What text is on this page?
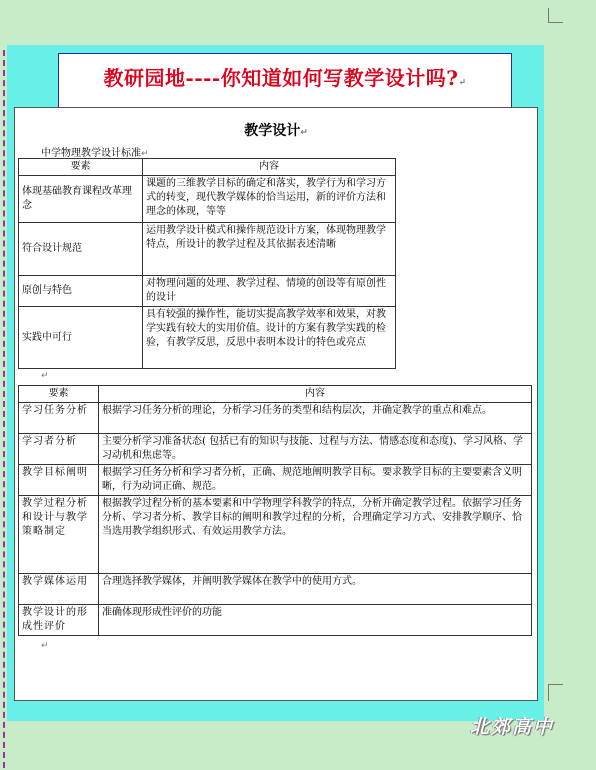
教研园地----你知道如何写教学设计吗?↵
教学设计↵
中学物理教学设计标准↵
要素	内容
体现基础教育课程改革理念	课题的三维教学目标的确定和落实，教学行为和学习方式的转变，现代教学媒体的恰当运用，新的评价方法和理念的体现，等等
符合设计规范	运用教学设计模式和操作规范设计方案，体现物理教学特点，所设计的教学过程及其依据表述清晰
原创与特色	对物理问题的处理、教学过程、情境的创设等有原创性的设计
实践中可行	具有较强的操作性，能切实提高教学效率和效果，对教学实践有较大的实用价值。设计的方案有教学实践的检验，有教学反思，反思中表明本设计的特色或亮点
要素	内容
学习任务分析	根据学习任务分析的理论，分析学习任务的类型和结构层次，并确定教学的重点和难点。
学习者分析	主要分析学习准备状态( 包括已有的知识与技能、过程与方法、情感态度和态度)、学习风格、学习动机和焦虑等。
教学目标阐明	根据学习任务分析和学习者分析，正确、规范地阐明教学目标。要求教学目标的主要要素含义明晰，行为动词正确、规范。
教学过程分析和设计与教学策略制定	根据教学过程分析的基本要素和中学物理学科教学的特点，分析并确定教学过程。依据学习任务分析、学习者分析、教学目标的阐明和教学过程的分析，合理确定学习方式、安排教学顺序、恰当选用教学组织形式、有效运用教学方法。
教学媒体运用	合理选择教学媒体，并阐明教学媒体在教学中的使用方式。
教学设计的形成性评价	准确体现形成性评价的功能
↵
↵
北郊高中
